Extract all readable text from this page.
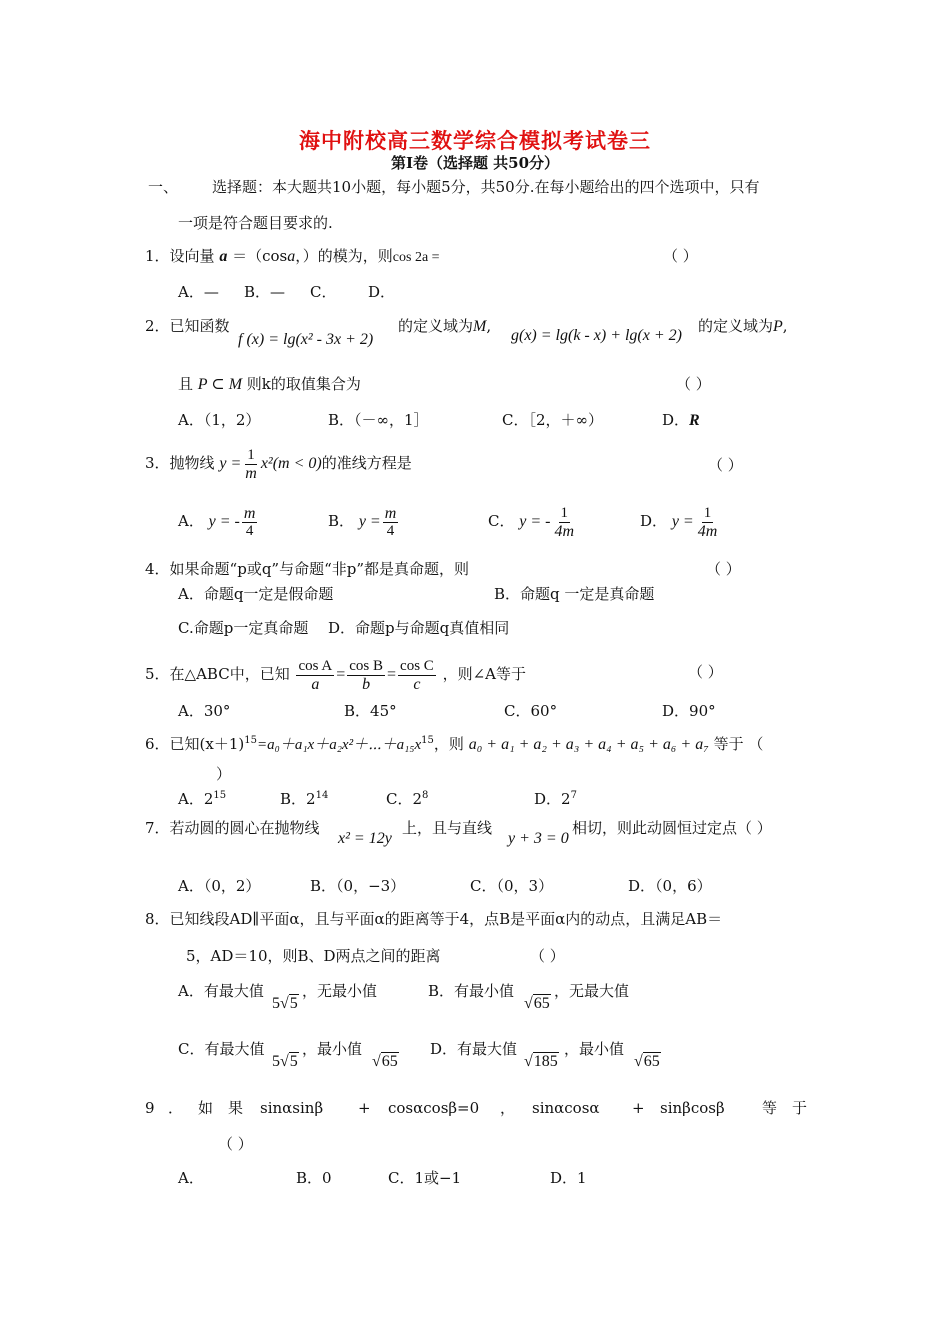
海中附校高三数学综合模拟考试卷三
第Ⅰ卷（选择题 共50分）
一、 选择题：本大题共10小题，每小题5分，共50分.在每小题给出的四个选项中，只有
一项是符合题目要求的.
1．设向量 a ＝（cosa，）的模为，则cos 2a =	（ ）
A．— B．— C． D．
2．已知函数
f (x) = lg(x² - 3x + 2)
的定义域为M,
g(x) = lg(k - x) + lg(x + 2)
的定义域为P,
且 P ⊂ M 则k的取值集合为	（ ）
A．（1，2）	B．（－∞，1］	C．［2，＋∞）	D．R
3．抛物线 $y = \frac{1}{m} x^2(m < 0)$的准线方程是	（ ）
A． y = - $\frac{m}{4}$	B． $y = \frac{m}{4}$	C． y = - $\frac{1}{4m}$	D． $y = \frac{1}{4m}$
4．如果命题“p或q”与命题“非p”都是真命题，则	（ ）
A．命题q一定是假命题	B．命题q 一定是真命题
C.命题p一定真命题 D．命题p与命题q真值相同
5．在△ABC中，已知 $\frac{\text{cos A}}{a} = \frac{\text{cos B}}{b} = \frac{\text{cos C}}{c}$ ，则∠A等于	（ ）
A．30°	B．45°	C．60°	D．90°
6．已知$(x+1)^{15}=a_0+a_1x+a_2x^2+\cdots+a_{15}x^{15}$，则 a₀ + a₁ + a₂ + a₃ + a₄ + a₅ + a₆ + a₇ 等于 （
）
A．$2^{15}$	B．$2^{14}$	C．$2^8$	D．$2^7$
7．若动圆的圆心在抛物线
x² = 12y
上，且与直线
y + 3 = 0
相切，则此动圆恒过定点（ ）
A．（0，2）	B．（0，−3）	C．（0，3）	D．（0，6）
8．已知线段AD∥平面α，且与平面α的距离等于4，点B是平面α内的动点，且满足AB＝
5，AD＝10，则B、D两点之间的距离	（ ）
A．有最大值
5√5
，无最小值	B．有最小值
√65
，无最大值
C．有最大值
5√5
，最小值
√65
D．有最大值
√185
，最小值
√65
9 ． 如 果 sinαsinβ + cosαcosβ=0 ， sinαcosα + sinβcosβ 等 于
（ ）
A．	B．0	C．1或−1	D．1
